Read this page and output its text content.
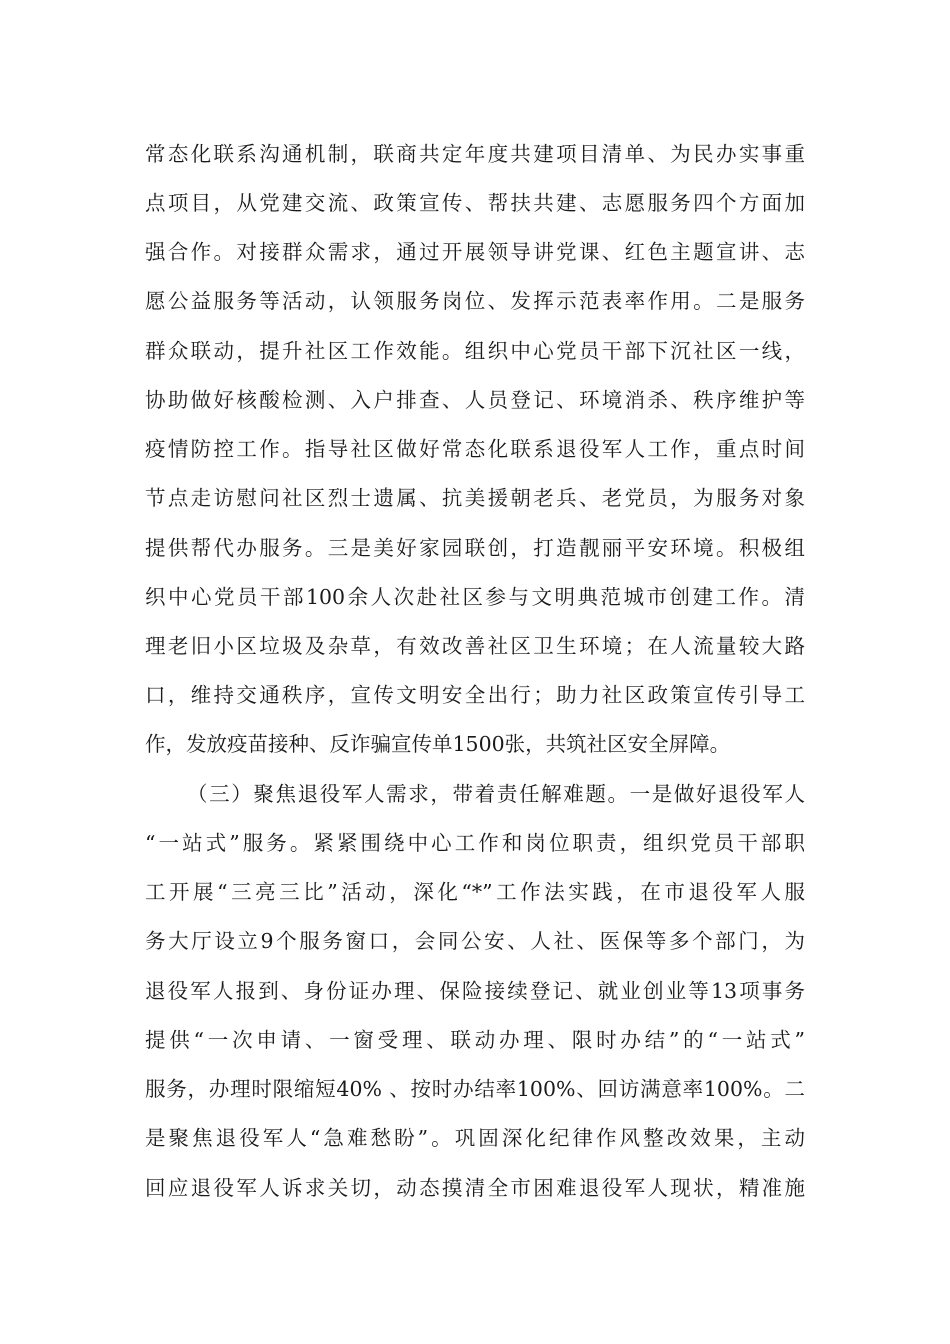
常态化联系沟通机制，联商共定年度共建项目清单、为民办实事重
点项目，从党建交流、政策宣传、帮扶共建、志愿服务四个方面加
强合作。对接群众需求，通过开展领导讲党课、红色主题宣讲、志
愿公益服务等活动，认领服务岗位、发挥示范表率作用。二是服务
群众联动，提升社区工作效能。组织中心党员干部下沉社区一线，
协助做好核酸检测、入户排查、人员登记、环境消杀、秩序维护等
疫情防控工作。指导社区做好常态化联系退役军人工作，重点时间
节点走访慰问社区烈士遗属、抗美援朝老兵、老党员，为服务对象
提供帮代办服务。三是美好家园联创，打造靓丽平安环境。积极组
织中心党员干部100余人次赴社区参与文明典范城市创建工作。清
理老旧小区垃圾及杂草，有效改善社区卫生环境；在人流量较大路
口，维持交通秩序，宣传文明安全出行；助力社区政策宣传引导工
作，发放疫苗接种、反诈骗宣传单1500张，共筑社区安全屏障。
（三）聚焦退役军人需求，带着责任解难题。一是做好退役军人
“一站式”服务。紧紧围绕中心工作和岗位职责，组织党员干部职
工开展“三亮三比”活动，深化“*”工作法实践，在市退役军人服
务大厅设立9个服务窗口，会同公安、人社、医保等多个部门，为
退役军人报到、身份证办理、保险接续登记、就业创业等13项事务
提供“一次申请、一窗受理、联动办理、限时办结”的“一站式”
服务，办理时限缩短40% 、按时办结率100%、回访满意率100%。二
是聚焦退役军人“急难愁盼”。巩固深化纪律作风整改效果，主动
回应退役军人诉求关切，动态摸清全市困难退役军人现状，精准施
